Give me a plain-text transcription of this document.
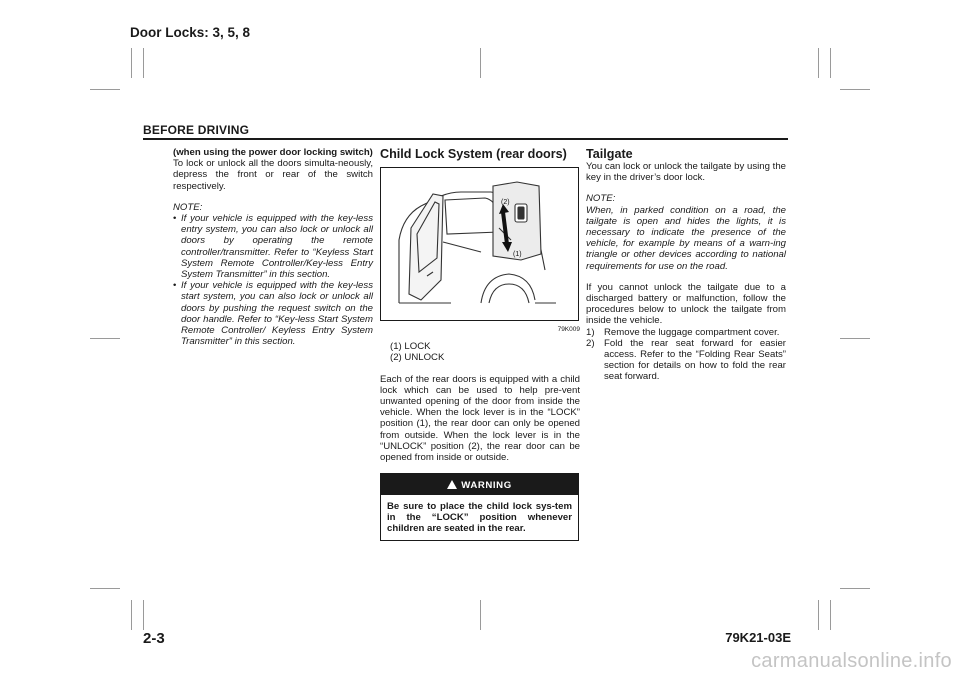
Door Locks: 3, 5, 8
BEFORE DRIVING

(when using the power door locking switch)

To lock or unlock all the doors simulta-neously, depress the front or rear of the switch respectively.

NOTE:
• If your vehicle is equipped with the key-less entry system, you can also lock or unlock all doors by operating the remote controller/transmitter. Refer to “Keyless Start System Remote Controller/Key-less Entry System Transmitter” in this section.
• If your vehicle is equipped with the key-less start system, you can also lock or unlock all doors by pushing the request switch on the door handle. Refer to “Key-less Start System Remote Controller/ Keyless Entry System Transmitter” in this section.
Child Lock System (rear doors)
(2)
(1)
79K009
(1) LOCK
(2) UNLOCK

Each of the rear doors is equipped with a child lock which can be used to help pre-vent unwanted opening of the door from inside the vehicle. When the lock lever is in the “LOCK” position (1), the rear door can only be opened from outside. When the lock lever is in the “UNLOCK” position (2), the rear door can be opened from inside or outside.

WARNING
Be sure to place the child lock sys-tem in the “LOCK” position whenever children are seated in the rear.
Tailgate

You can lock or unlock the tailgate by using the key in the driver’s door lock.

NOTE:

When, in parked condition on a road, the tailgate is open and hides the lights, it is necessary to indicate the presence of the vehicle, for example by means of a warn-ing triangle or other devices according to national requirements for use on the road.

If you cannot unlock the tailgate due to a discharged battery or malfunction, follow the procedures below to unlock the tailgate from inside the vehicle.

1) Remove the luggage compartment cover.
2) Fold the rear seat forward for easier access. Refer to the “Folding Rear Seats” section for details on how to fold the rear seat forward.
2-3	79K21-03E
carmanualsonline.info
